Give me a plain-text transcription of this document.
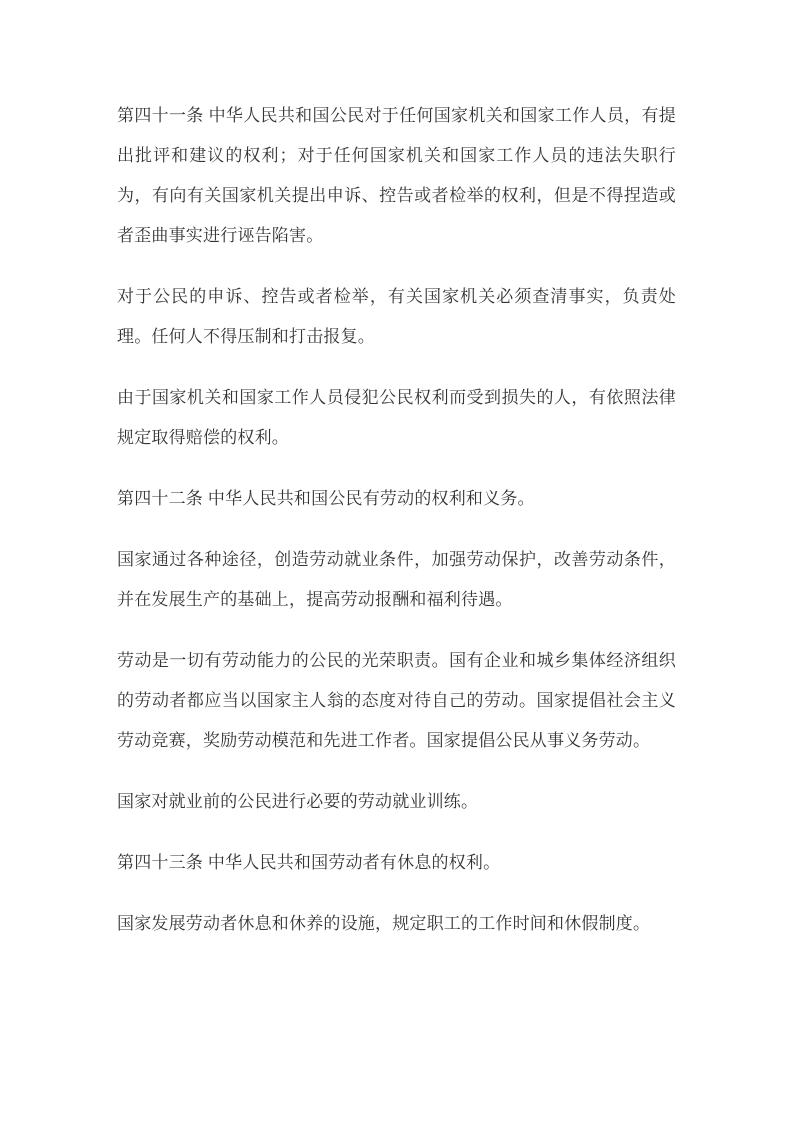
第四十一条 中华人民共和国公民对于任何国家机关和国家工作人员，有提出批评和建议的权利；对于任何国家机关和国家工作人员的违法失职行为，有向有关国家机关提出申诉、控告或者检举的权利，但是不得捏造或者歪曲事实进行诬告陷害。

对于公民的申诉、控告或者检举，有关国家机关必须查清事实，负责处理。任何人不得压制和打击报复。

由于国家机关和国家工作人员侵犯公民权利而受到损失的人，有依照法律规定取得赔偿的权利。

第四十二条 中华人民共和国公民有劳动的权利和义务。

国家通过各种途径，创造劳动就业条件，加强劳动保护，改善劳动条件，并在发展生产的基础上，提高劳动报酬和福利待遇。

劳动是一切有劳动能力的公民的光荣职责。国有企业和城乡集体经济组织的劳动者都应当以国家主人翁的态度对待自己的劳动。国家提倡社会主义劳动竞赛，奖励劳动模范和先进工作者。国家提倡公民从事义务劳动。

国家对就业前的公民进行必要的劳动就业训练。

第四十三条 中华人民共和国劳动者有休息的权利。

国家发展劳动者休息和休养的设施，规定职工的工作时间和休假制度。
